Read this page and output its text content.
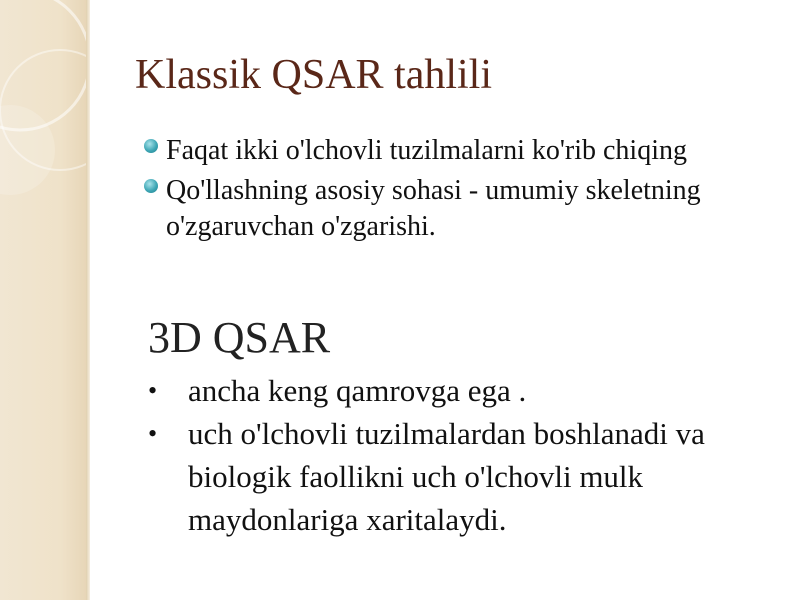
Klassik QSAR tahlili
Faqat ikki o'lchovli tuzilmalarni ko'rib chiqing
Qo'llashning asosiy sohasi - umumiy skeletning o'zgaruvchan o'zgarishi.
3D QSAR
• ancha keng qamrovga ega .
• uch o'lchovli tuzilmalardan boshlanadi va biologik faollikni uch o'lchovli mulk maydonlariga xaritalaydi.
